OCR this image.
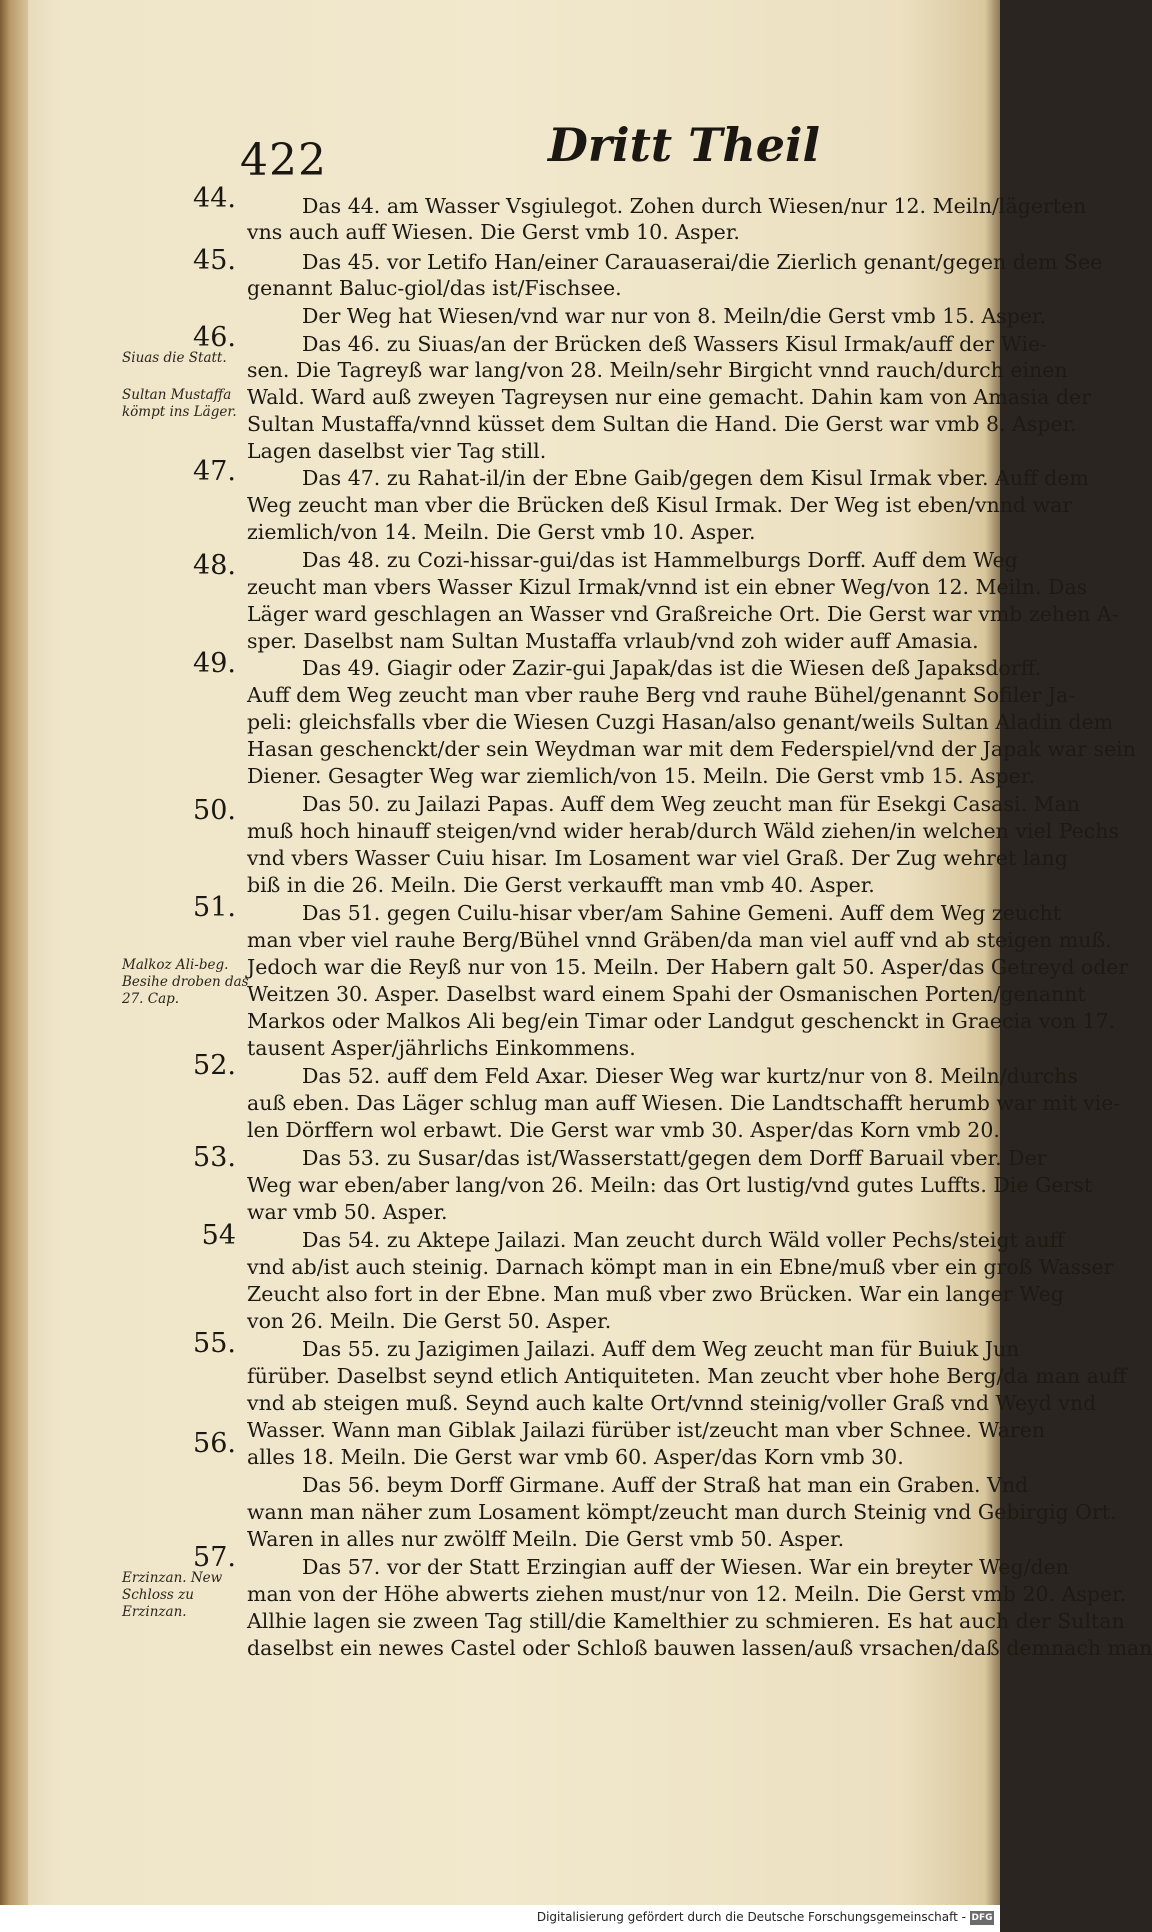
422	Dritt Theil
44.
45.
46.
47.
48.
49.
50.
51.
52.
53.
54
55.
56.
57.
Siuas die Statt.
Sultan Mustaffa kömpt ins Läger.
Malkoz Ali-beg. Besihe droben das 27. Cap.
Erzinzan. New Schloss zu Erzinzan.
Das 44. am Wasser Vsgiulegot. Zohen durch Wiesen/nur 12. Meiln/lägerten
vns auch auff Wiesen. Die Gerst vmb 10. Asper.
Das 45. vor Letifo Han/einer Carauaserai/die Zierlich genant/gegen dem See
genannt Baluc-giol/das ist/Fischsee.
Der Weg hat Wiesen/vnd war nur von 8. Meiln/die Gerst vmb 15. Asper.
Das 46. zu Siuas/an der Brücken deß Wassers Kisul Irmak/auff der Wie-
sen. Die Tagreyß war lang/von 28. Meiln/sehr Birgicht vnnd rauch/durch einen
Wald. Ward auß zweyen Tagreysen nur eine gemacht. Dahin kam von Amasia der
Sultan Mustaffa/vnnd küsset dem Sultan die Hand. Die Gerst war vmb 8. Asper.
Lagen daselbst vier Tag still.
Das 47. zu Rahat-il/in der Ebne Gaib/gegen dem Kisul Irmak vber. Auff dem
Weg zeucht man vber die Brücken deß Kisul Irmak. Der Weg ist eben/vnnd war
ziemlich/von 14. Meiln. Die Gerst vmb 10. Asper.
Das 48. zu Cozi-hissar-gui/das ist Hammelburgs Dorff. Auff dem Weg
zeucht man vbers Wasser Kizul Irmak/vnnd ist ein ebner Weg/von 12. Meiln. Das
Läger ward geschlagen an Wasser vnd Graßreiche Ort. Die Gerst war vmb zehen A-
sper. Daselbst nam Sultan Mustaffa vrlaub/vnd zoh wider auff Amasia.
Das 49. Giagir oder Zazir-gui Japak/das ist die Wiesen deß Japaksdorff.
Auff dem Weg zeucht man vber rauhe Berg vnd rauhe Bühel/genannt Sofiler Ja-
peli: gleichsfalls vber die Wiesen Cuzgi Hasan/also genant/weils Sultan Aladin dem
Hasan geschenckt/der sein Weydman war mit dem Federspiel/vnd der Japak war sein
Diener. Gesagter Weg war ziemlich/von 15. Meiln. Die Gerst vmb 15. Asper.
Das 50. zu Jailazi Papas. Auff dem Weg zeucht man für Esekgi Casasi. Man
muß hoch hinauff steigen/vnd wider herab/durch Wäld ziehen/in welchen viel Pechs
vnd vbers Wasser Cuiu hisar. Im Losament war viel Graß. Der Zug wehret lang
biß in die 26. Meiln. Die Gerst verkaufft man vmb 40. Asper.
Das 51. gegen Cuilu-hisar vber/am Sahine Gemeni. Auff dem Weg zeucht
man vber viel rauhe Berg/Bühel vnnd Gräben/da man viel auff vnd ab steigen muß.
Jedoch war die Reyß nur von 15. Meiln. Der Habern galt 50. Asper/das Getreyd oder
Weitzen 30. Asper. Daselbst ward einem Spahi der Osmanischen Porten/genannt
Markos oder Malkos Ali beg/ein Timar oder Landgut geschenckt in Graecia von 17.
tausent Asper/jährlichs Einkommens.
Das 52. auff dem Feld Axar. Dieser Weg war kurtz/nur von 8. Meiln/durchs
auß eben. Das Läger schlug man auff Wiesen. Die Landtschafft herumb war mit vie-
len Dörffern wol erbawt. Die Gerst war vmb 30. Asper/das Korn vmb 20.
Das 53. zu Susar/das ist/Wasserstatt/gegen dem Dorff Baruail vber. Der
Weg war eben/aber lang/von 26. Meiln: das Ort lustig/vnd gutes Luffts. Die Gerst
war vmb 50. Asper.
Das 54. zu Aktepe Jailazi. Man zeucht durch Wäld voller Pechs/steigt auff
vnd ab/ist auch steinig. Darnach kömpt man in ein Ebne/muß vber ein groß Wasser
Zeucht also fort in der Ebne. Man muß vber zwo Brücken. War ein langer Weg
von 26. Meiln. Die Gerst 50. Asper.
Das 55. zu Jazigimen Jailazi. Auff dem Weg zeucht man für Buiuk Jun
fürüber. Daselbst seynd etlich Antiquiteten. Man zeucht vber hohe Berg/da man auff
vnd ab steigen muß. Seynd auch kalte Ort/vnnd steinig/voller Graß vnd Weyd vnd
Wasser. Wann man Giblak Jailazi fürüber ist/zeucht man vber Schnee. Waren
alles 18. Meiln. Die Gerst war vmb 60. Asper/das Korn vmb 30.
Das 56. beym Dorff Girmane. Auff der Straß hat man ein Graben. Vnd
wann man näher zum Losament kömpt/zeucht man durch Steinig vnd Gebirgig Ort.
Waren in alles nur zwölff Meiln. Die Gerst vmb 50. Asper.
Das 57. vor der Statt Erzingian auff der Wiesen. War ein breyter Weg/den
man von der Höhe abwerts ziehen must/nur von 12. Meiln. Die Gerst vmb 20. Asper.
Allhie lagen sie zween Tag still/die Kamelthier zu schmieren. Es hat auch der Sultan
daselbst ein newes Castel oder Schloß bauwen lassen/auß vrsachen/daß demnach man
Digitalisierung gefördert durch die Deutsche Forschungsgemeinschaft - DFG
